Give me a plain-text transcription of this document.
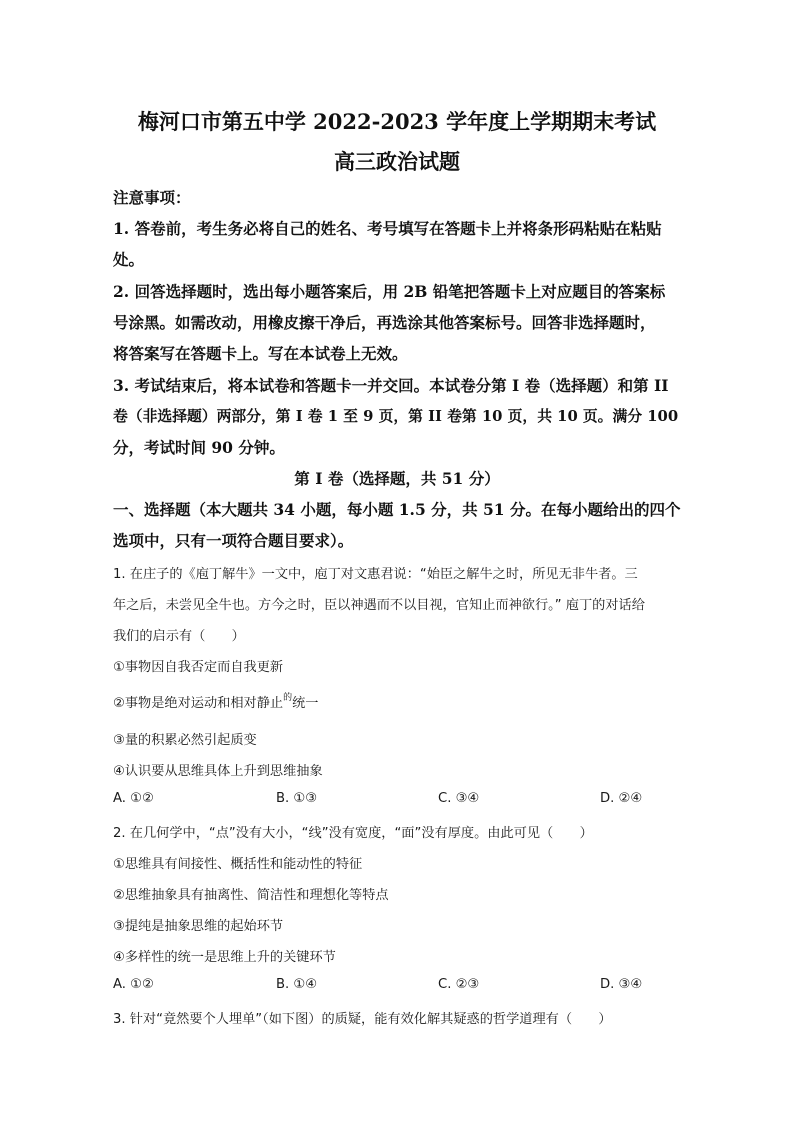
梅河口市第五中学 2022-2023 学年度上学期期末考试
高三政治试题
注意事项：
1. 答卷前，考生务必将自己的姓名、考号填写在答题卡上并将条形码粘贴在粘贴
处。
2. 回答选择题时，选出每小题答案后，用 2B 铅笔把答题卡上对应题目的答案标
号涂黑。如需改动，用橡皮擦干净后，再选涂其他答案标号。回答非选择题时，
将答案写在答题卡上。写在本试卷上无效。
3. 考试结束后，将本试卷和答题卡一并交回。本试卷分第 I 卷（选择题）和第 II
卷（非选择题）两部分，第 I 卷 1 至 9 页，第 II 卷第 10 页，共 10 页。满分 100
分，考试时间 90 分钟。
第 I 卷（选择题，共 51 分）
一、选择题（本大题共 34 小题，每小题 1.5 分，共 51 分。在每小题给出的四个
选项中，只有一项符合题目要求）。
1. 在庄子的《庖丁解牛》一文中，庖丁对文惠君说：“始臣之解牛之时，所见无非牛者。三
年之后，未尝见全牛也。方今之时，臣以神遇而不以目视，官知止而神欲行。” 庖丁的对话给
我们的启示有（　　）
①事物因自我否定而自我更新
②事物是绝对运动和相对静止$^的$统一
③量的积累必然引起质变
④认识要从思维具体上升到思维抽象
A. ①②	B. ①③	C. ③④	D. ②④
2. 在几何学中，“点”没有大小，“线”没有宽度，“面”没有厚度。由此可见（　　）
①思维具有间接性、概括性和能动性的特征
②思维抽象具有抽离性、简洁性和理想化等特点
③提纯是抽象思维的起始环节
④多样性的统一是思维上升的关键环节
A. ①②	B. ①④	C. ②③	D. ③④
3. 针对“竟然要个人埋单”（如下图）的质疑，能有效化解其疑惑的哲学道理有（　　）
